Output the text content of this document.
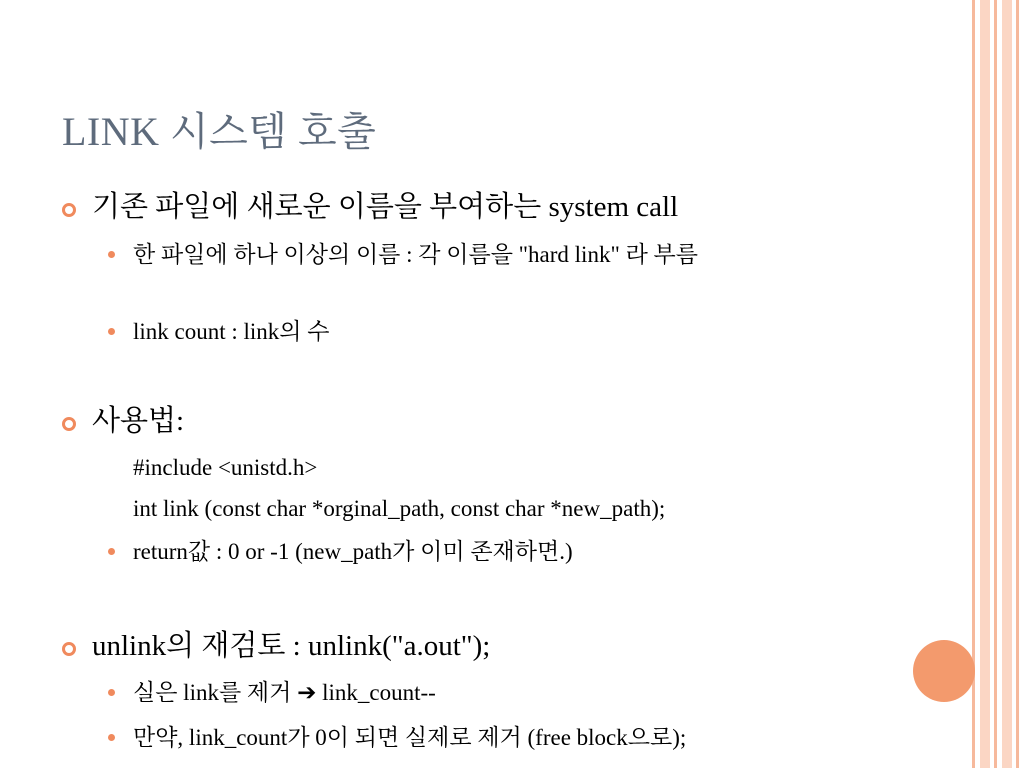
LINK 시스템 호출
기존 파일에 새로운 이름을 부여하는 system call
한 파일에 하나 이상의 이름 : 각 이름을 "hard link" 라 부름
link count : link의 수
사용법:
#include <unistd.h>
int link (const char *orginal_path, const char *new_path);
return값 : 0 or -1 (new_path가 이미 존재하면.)
unlink의 재검토 : unlink("a.out");
실은 link를 제거 ➔ link_count--
만약, link_count가 0이 되면 실제로 제거 (free block으로);
